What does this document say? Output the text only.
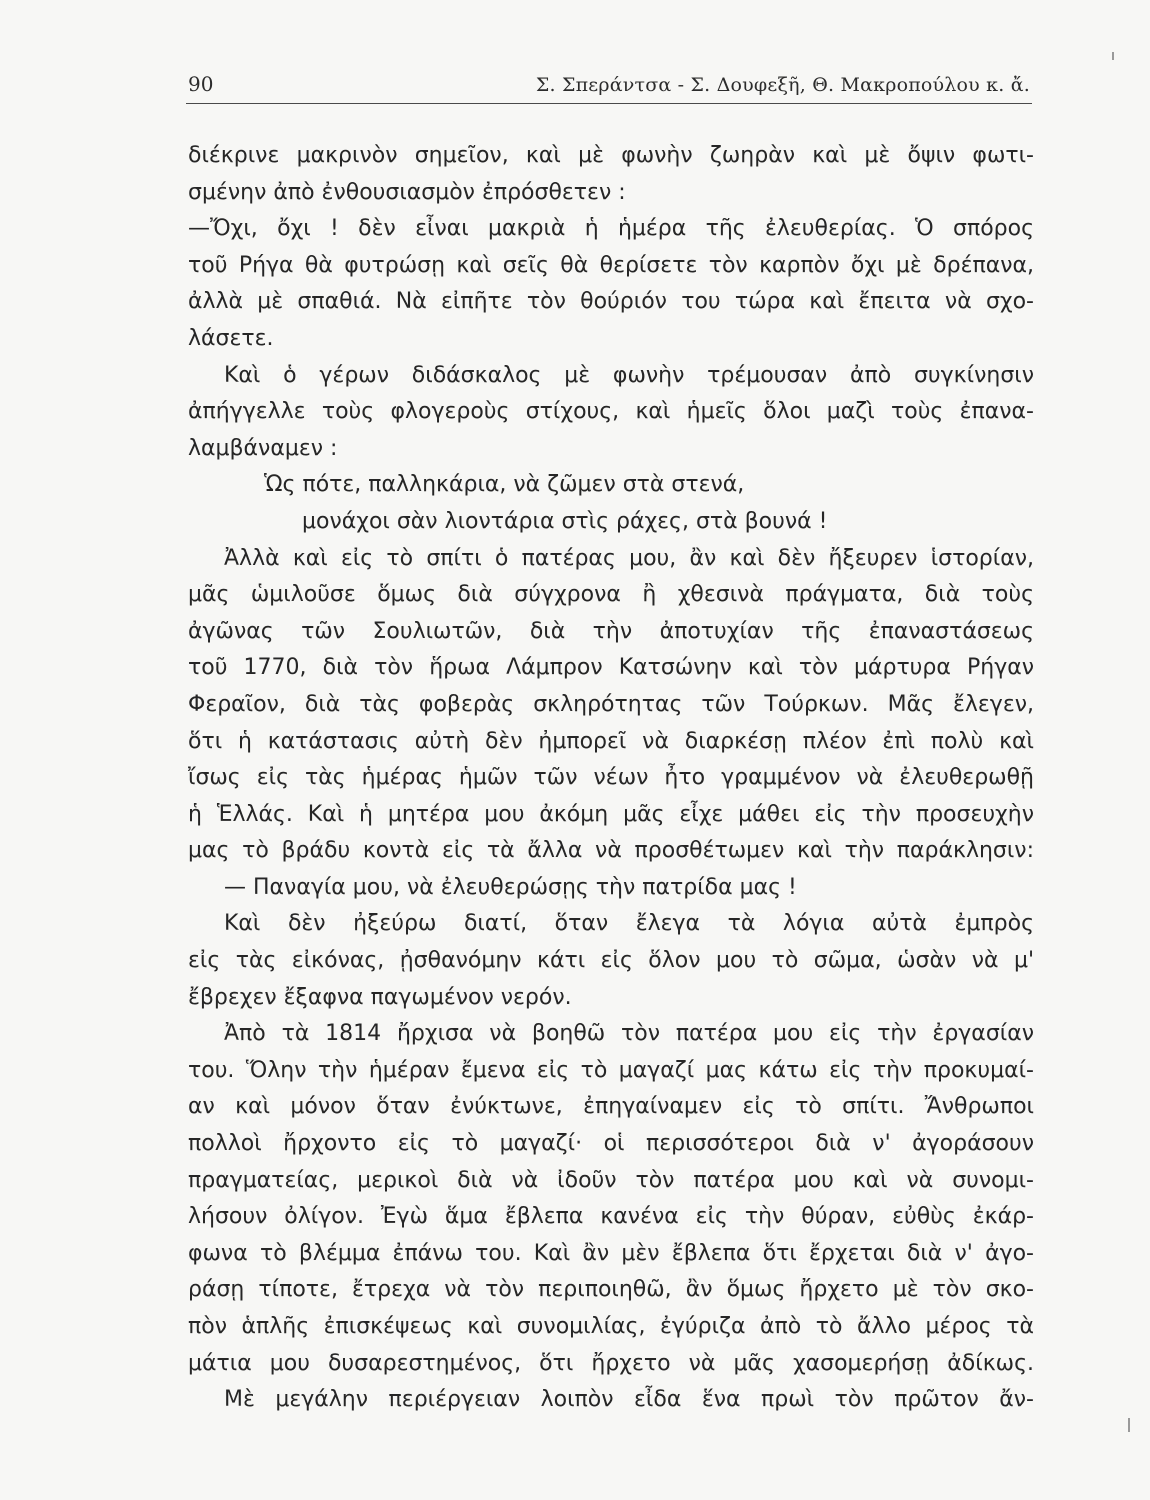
90	Σ. Σπεράντσα - Σ. Δουφεξῆ, Θ. Μακροπούλου κ. ἄ.
διέκρινε μακρινὸν σημεῖον, καὶ μὲ φωνὴν ζωηρὰν καὶ μὲ ὄψιν φωτι-
σμένην ἀπὸ ἐνθουσιασμὸν ἐπρόσθετεν :
—Ὄχι, ὄχι ! δὲν εἶναι μακριὰ ἡ ἡμέρα τῆς ἐλευθερίας. Ὁ σπόρος
τοῦ Ρήγα θὰ φυτρώσῃ καὶ σεῖς θὰ θερίσετε τὸν καρπὸν ὄχι μὲ δρέπανα,
ἀλλὰ μὲ σπαθιά. Νὰ εἰπῆτε τὸν θούριόν του τώρα καὶ ἔπειτα νὰ σχο-
λάσετε.
Καὶ ὁ γέρων διδάσκαλος μὲ φωνὴν τρέμουσαν ἀπὸ συγκίνησιν
ἀπήγγελλε τοὺς φλογεροὺς στίχους, καὶ ἡμεῖς ὅλοι μαζὶ τοὺς ἐπανα-
λαμβάναμεν :
Ὡς πότε, παλληκάρια, νὰ ζῶμεν στὰ στενά,
μονάχοι σὰν λιοντάρια στὶς ράχες, στὰ βουνά !
Ἀλλὰ καὶ εἰς τὸ σπίτι ὁ πατέρας μου, ἂν καὶ δὲν ἤξευρεν ἱστορίαν,
μᾶς ὡμιλοῦσε ὅμως διὰ σύγχρονα ἢ χθεσινὰ πράγματα, διὰ τοὺς
ἀγῶνας τῶν Σουλιωτῶν, διὰ τὴν ἀποτυχίαν τῆς ἐπαναστάσεως
τοῦ 1770, διὰ τὸν ἥρωα Λάμπρον Κατσώνην καὶ τὸν μάρτυρα Ρήγαν
Φεραῖον, διὰ τὰς φοβερὰς σκληρότητας τῶν Τούρκων. Μᾶς ἔλεγεν,
ὅτι ἡ κατάστασις αὐτὴ δὲν ἠμπορεῖ νὰ διαρκέσῃ πλέον ἐπὶ πολὺ καὶ
ἴσως εἰς τὰς ἡμέρας ἡμῶν τῶν νέων ἦτο γραμμένον νὰ ἐλευθερωθῇ
ἡ Ἑλλάς. Καὶ ἡ μητέρα μου ἀκόμη μᾶς εἶχε μάθει εἰς τὴν προσευχὴν
μας τὸ βράδυ κοντὰ εἰς τὰ ἄλλα νὰ προσθέτωμεν καὶ τὴν παράκλησιν:
— Παναγία μου, νὰ ἐλευθερώσῃς τὴν πατρίδα μας !
Καὶ δὲν ἠξεύρω διατί, ὅταν ἔλεγα τὰ λόγια αὐτὰ ἐμπρὸς
εἰς τὰς εἰκόνας, ᾐσθανόμην κάτι εἰς ὅλον μου τὸ σῶμα, ὡσὰν νὰ μ'
ἔβρεχεν ἔξαφνα παγωμένον νερόν.
Ἀπὸ τὰ 1814 ἤρχισα νὰ βοηθῶ τὸν πατέρα μου εἰς τὴν ἐργασίαν
του. Ὅλην τὴν ἡμέραν ἔμενα εἰς τὸ μαγαζί μας κάτω εἰς τὴν προκυμαί-
αν καὶ μόνον ὅταν ἐνύκτωνε, ἐπηγαίναμεν εἰς τὸ σπίτι. Ἄνθρωποι
πολλοὶ ἤρχοντο εἰς τὸ μαγαζί· οἱ περισσότεροι διὰ ν' ἀγοράσουν
πραγματείας, μερικοὶ διὰ νὰ ἰδοῦν τὸν πατέρα μου καὶ νὰ συνομι-
λήσουν ὀλίγον. Ἐγὼ ἅμα ἔβλεπα κανένα εἰς τὴν θύραν, εὐθὺς ἐκάρ-
φωνα τὸ βλέμμα ἐπάνω του. Καὶ ἂν μὲν ἔβλεπα ὅτι ἔρχεται διὰ ν' ἀγο-
ράσῃ τίποτε, ἔτρεχα νὰ τὸν περιποιηθῶ, ἂν ὅμως ἤρχετο μὲ τὸν σκο-
πὸν ἁπλῆς ἐπισκέψεως καὶ συνομιλίας, ἐγύριζα ἀπὸ τὸ ἄλλο μέρος τὰ
μάτια μου δυσαρεστημένος, ὅτι ἤρχετο νὰ μᾶς χασομερήσῃ ἀδίκως.
Μὲ μεγάλην περιέργειαν λοιπὸν εἶδα ἕνα πρωὶ τὸν πρῶτον ἄν-
